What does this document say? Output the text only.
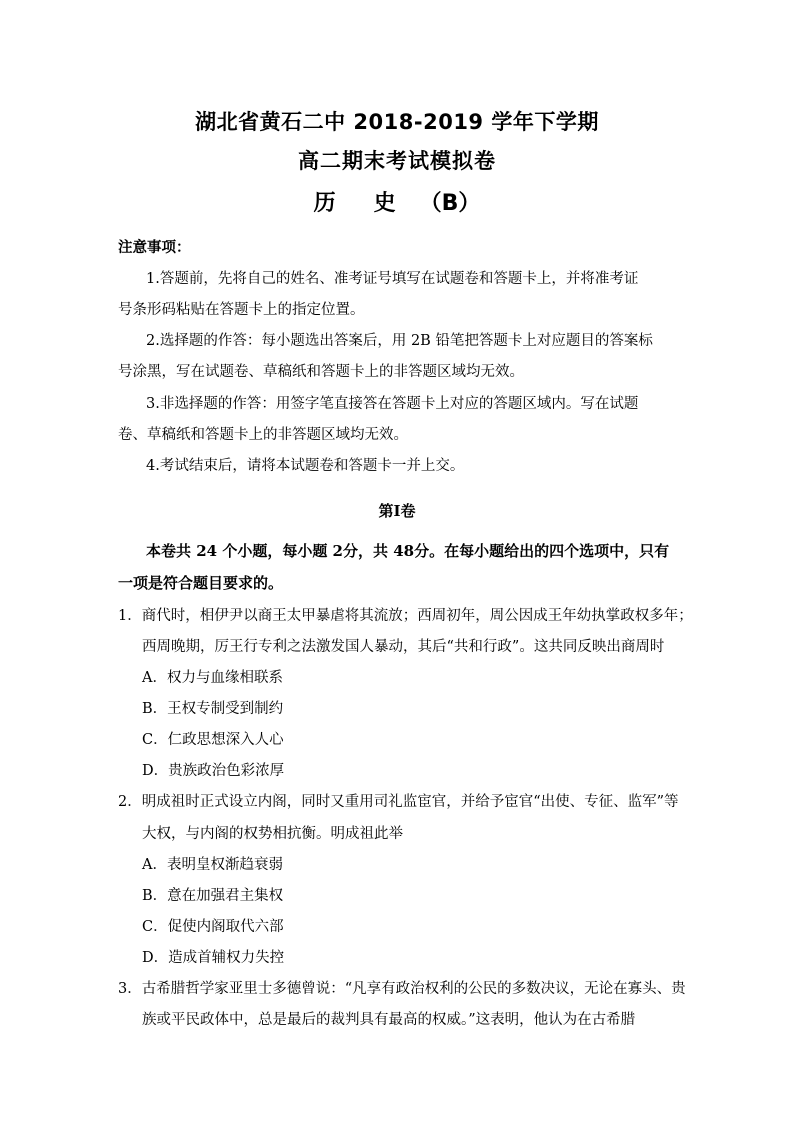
湖北省黄石二中 2018-2019 学年下学期
高二期末考试模拟卷
历 史 （B）
注意事项：
1.答题前，先将自己的姓名、准考证号填写在试题卷和答题卡上，并将准考证
号条形码粘贴在答题卡上的指定位置。
2.选择题的作答：每小题选出答案后，用 2B 铅笔把答题卡上对应题目的答案标
号涂黑，写在试题卷、草稿纸和答题卡上的非答题区域均无效。
3.非选择题的作答：用签字笔直接答在答题卡上对应的答题区域内。写在试题
卷、草稿纸和答题卡上的非答题区域均无效。
4.考试结束后，请将本试题卷和答题卡一并上交。
第Ⅰ卷
本卷共 24 个小题，每小题 2分，共 48分。在每小题给出的四个选项中，只有
一项是符合题目要求的。
1．商代时，相伊尹以商王太甲暴虐将其流放；西周初年，周公因成王年幼执掌政权多年；
西周晚期，厉王行专利之法激发国人暴动，其后“共和行政”。这共同反映出商周时
A．权力与血缘相联系
B．王权专制受到制约
C．仁政思想深入人心
D．贵族政治色彩浓厚
2．明成祖时正式设立内阁，同时又重用司礼监宦官，并给予宦官“出使、专征、监军”等
大权，与内阁的权势相抗衡。明成祖此举
A．表明皇权渐趋衰弱
B．意在加强君主集权
C．促使内阁取代六部
D．造成首辅权力失控
3．古希腊哲学家亚里士多德曾说：“凡享有政治权利的公民的多数决议，无论在寡头、贵
族或平民政体中，总是最后的裁判具有最高的权威。”这表明，他认为在古希腊
